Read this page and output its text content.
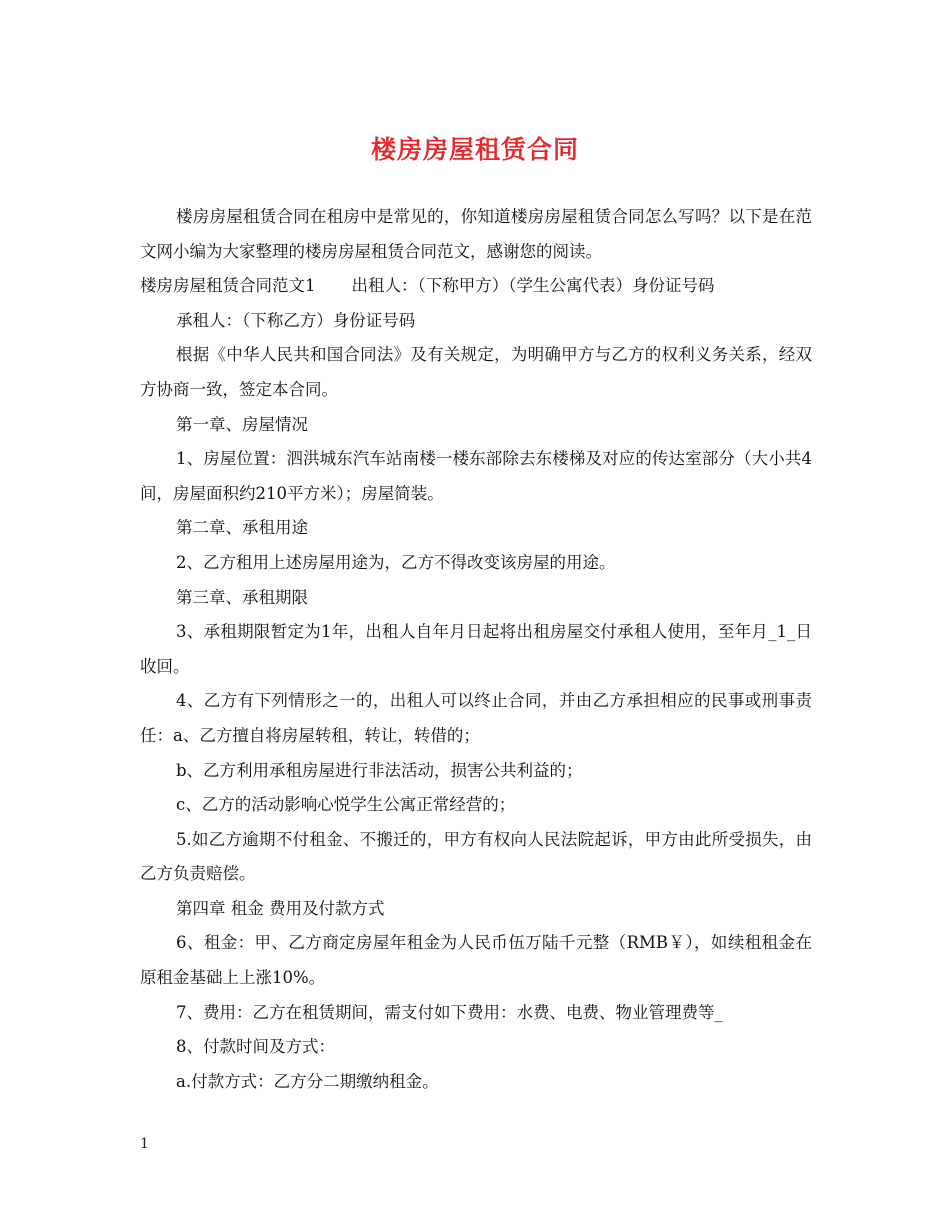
楼房房屋租赁合同

楼房房屋租赁合同在租房中是常见的，你知道楼房房屋租赁合同怎么写吗？以下是在范文网小编为大家整理的楼房房屋租赁合同范文，感谢您的阅读。

楼房房屋租赁合同范文1 出租人：（下称甲方）（学生公寓代表）身份证号码

承租人：（下称乙方）身份证号码

根据《中华人民共和国合同法》及有关规定，为明确甲方与乙方的权利义务关系，经双方协商一致，签定本合同。

第一章、房屋情况

1、房屋位置：泗洪城东汽车站南楼一楼东部除去东楼梯及对应的传达室部分（大小共4间，房屋面积约210平方米）；房屋简装。

第二章、承租用途

2、乙方租用上述房屋用途为，乙方不得改变该房屋的用途。

第三章、承租期限

3、承租期限暂定为1年，出租人自年月日起将出租房屋交付承租人使用，至年月_1_日收回。

4、乙方有下列情形之一的，出租人可以终止合同，并由乙方承担相应的民事或刑事责任：a、乙方擅自将房屋转租，转让，转借的；

b、乙方利用承租房屋进行非法活动，损害公共利益的；

c、乙方的活动影响心悦学生公寓正常经营的；

5.如乙方逾期不付租金、不搬迁的，甲方有权向人民法院起诉，甲方由此所受损失，由乙方负责赔偿。

第四章 租金 费用及付款方式

6、租金：甲、乙方商定房屋年租金为人民币伍万陆千元整（RMB￥），如续租租金在原租金基础上上涨10%。

7、费用：乙方在租赁期间，需支付如下费用：水费、电费、物业管理费等_

8、付款时间及方式：

a.付款方式：乙方分二期缴纳租金。

1
